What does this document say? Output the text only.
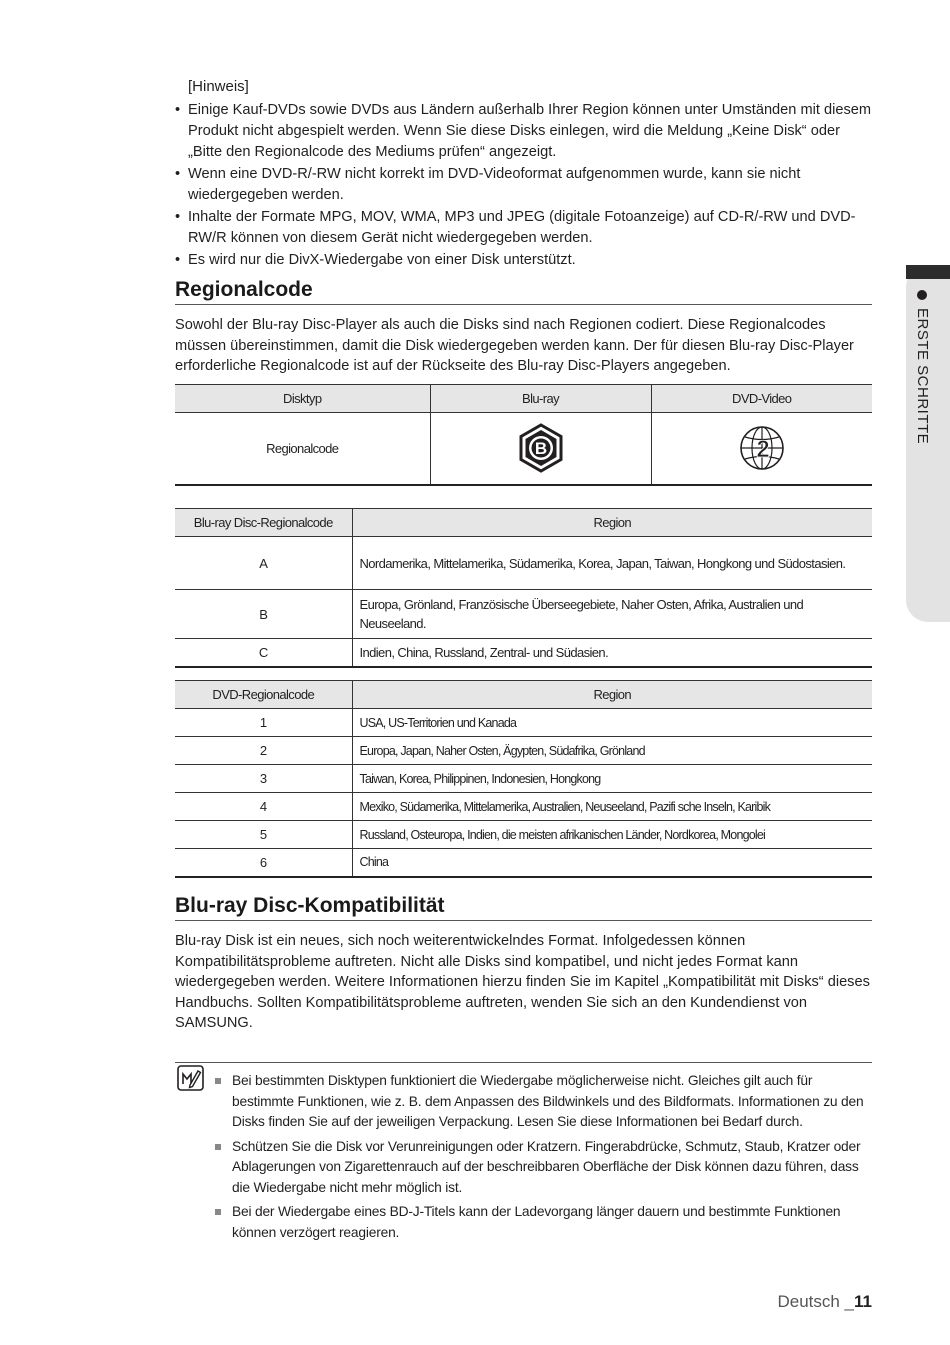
ERSTE SCHRITTE
[Hinweis]
• Einige Kauf-DVDs sowie DVDs aus Ländern außerhalb Ihrer Region können unter Umständen mit diesem Produkt nicht abgespielt werden. Wenn Sie diese Disks einlegen, wird die Meldung „Keine Disk“ oder „Bitte den Regionalcode des Mediums prüfen“ angezeigt.
• Wenn eine DVD-R/-RW nicht korrekt im DVD-Videoformat aufgenommen wurde, kann sie nicht wiedergegeben werden.
• Inhalte der Formate MPG, MOV, WMA, MP3 und JPEG (digitale Fotoanzeige) auf CD-R/-RW und DVD-RW/R können von diesem Gerät nicht wiedergegeben werden.
• Es wird nur die DivX-Wiedergabe von einer Disk unterstützt.
Regionalcode

Sowohl der Blu-ray Disc-Player als auch die Disks sind nach Regionen codiert. Diese Regionalcodes müssen übereinstimmen, damit die Disk wiedergegeben werden kann. Der für diesen Blu-ray Disc-Player erforderliche Regionalcode ist auf der Rückseite des Blu-ray Disc-Players angegeben.

Disktyp	Blu-ray	DVD-Video
Regionalcode	B	2
Blu-ray Disc-Regionalcode	Region
A	Nordamerika, Mittelamerika, Südamerika, Korea, Japan, Taiwan, Hongkong und Südostasien.
B	Europa, Grönland, Französische Überseegebiete, Naher Osten, Afrika, Australien und Neuseeland.
C	Indien, China, Russland, Zentral- und Südasien.
DVD-Regionalcode	Region
1	USA, US-Territorien und Kanada
2	Europa, Japan, Naher Osten, Ägypten, Südafrika, Grönland
3	Taiwan, Korea, Philippinen, Indonesien, Hongkong
4	Mexiko, Südamerika, Mittelamerika, Australien, Neuseeland, Pazifi sche Inseln, Karibik
5	Russland, Osteuropa, Indien, die meisten afrikanischen Länder, Nordkorea, Mongolei
6	China
Blu-ray Disc-Kompatibilität

Blu-ray Disk ist ein neues, sich noch weiterentwickelndes Format. Infolgedessen können Kompatibilitätsprobleme auftreten. Nicht alle Disks sind kompatibel, und nicht jedes Format kann wiedergegeben werden. Weitere Informationen hierzu finden Sie im Kapitel „Kompatibilität mit Disks“ dieses Handbuchs. Sollten Kompatibilitätsprobleme auftreten, wenden Sie sich an den Kundendienst von SAMSUNG.

Bei bestimmten Disktypen funktioniert die Wiedergabe möglicherweise nicht. Gleiches gilt auch für bestimmte Funktionen, wie z. B. dem Anpassen des Bildwinkels und des Bildformats. Informationen zu den Disks finden Sie auf der jeweiligen Verpackung. Lesen Sie diese Informationen bei Bedarf durch.
Schützen Sie die Disk vor Verunreinigungen oder Kratzern. Fingerabdrücke, Schmutz, Staub, Kratzer oder Ablagerungen von Zigarettenrauch auf der beschreibbaren Oberfläche der Disk können dazu führen, dass die Wiedergabe nicht mehr möglich ist.
Bei der Wiedergabe eines BD-J-Titels kann der Ladevorgang länger dauern und bestimmte Funktionen können verzögert reagieren.
Deutsch _11
